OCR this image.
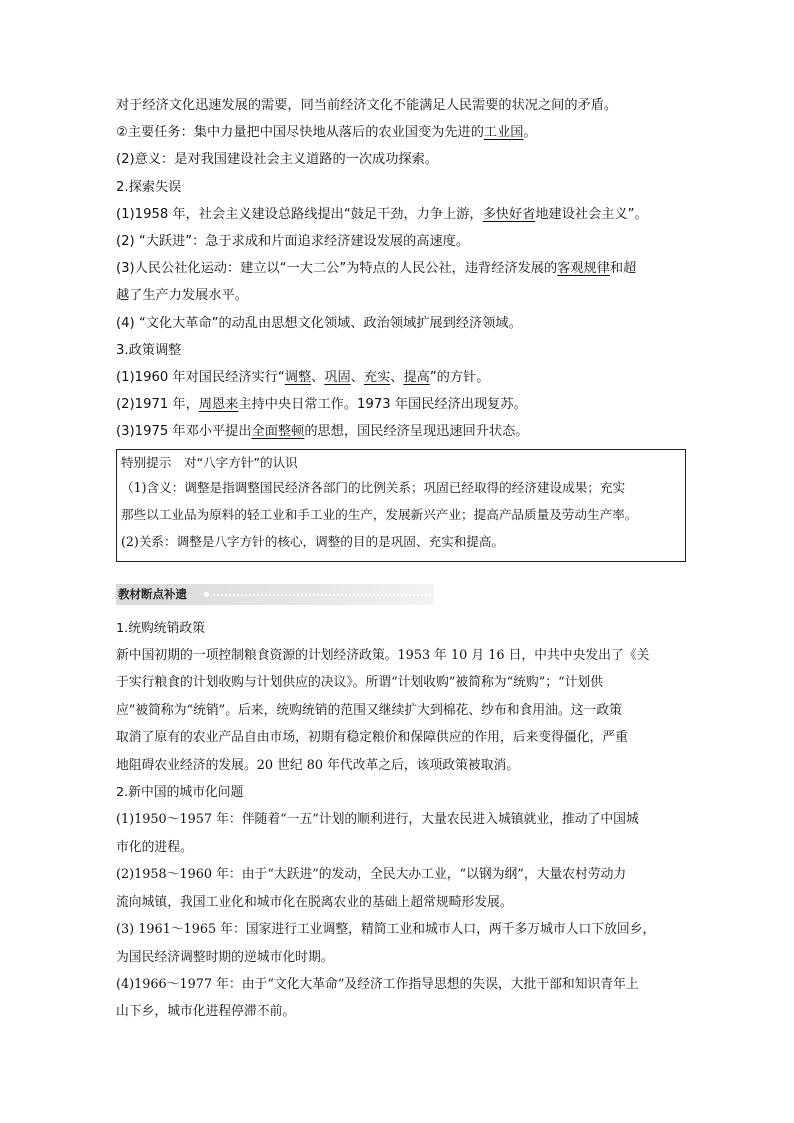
对于经济文化迅速发展的需要，同当前经济文化不能满足人民需要的状况之间的矛盾。

②主要任务：集中力量把中国尽快地从落后的农业国变为先进的工业国。

(2)意义：是对我国建设社会主义道路的一次成功探索。

2.探索失误

(1)1958 年，社会主义建设总路线提出“鼓足干劲，力争上游，多快好省地建设社会主义”。

(2) “大跃进”：急于求成和片面追求经济建设发展的高速度。

(3)人民公社化运动：建立以“一大二公”为特点的人民公社，违背经济发展的客观规律和超

越了生产力发展水平。

(4) “文化大革命”的动乱由思想文化领域、政治领域扩展到经济领域。

3.政策调整

(1)1960 年对国民经济实行“调整、巩固、充实、提高”的方针。

(2)1971 年，周恩来主持中央日常工作。1973 年国民经济出现复苏。

(3)1975 年邓小平提出全面整顿的思想，国民经济呈现迅速回升状态。

特别提示　对“八字方针”的认识

（1)含义：调整是指调整国民经济各部门的比例关系；巩固已经取得的经济建设成果；充实

那些以工业品为原料的轻工业和手工业的生产，发展新兴产业；提高产品质量及劳动生产率。

(2)关系：调整是八字方针的核心，调整的目的是巩固、充实和提高。

教材断点补遗

1.统购统销政策

新中国初期的一项控制粮食资源的计划经济政策。1953 年 10 月 16 日，中共中央发出了《关

于实行粮食的计划收购与计划供应的决议》。所谓“计划收购”被简称为“统购”；“计划供

应”被简称为“统销”。后来，统购统销的范围又继续扩大到棉花、纱布和食用油。这一政策

取消了原有的农业产品自由市场，初期有稳定粮价和保障供应的作用，后来变得僵化，严重

地阻碍农业经济的发展。20 世纪 80 年代改革之后，该项政策被取消。

2.新中国的城市化问题

(1)1950～1957 年：伴随着“一五”计划的顺利进行，大量农民进入城镇就业，推动了中国城

市化的进程。

(2)1958～1960 年：由于“大跃进”的发动，全民大办工业，“以钢为纲”，大量农村劳动力

流向城镇，我国工业化和城市化在脱离农业的基础上超常规畸形发展。

(3) 1961～1965 年：国家进行工业调整，精简工业和城市人口，两千多万城市人口下放回乡，

为国民经济调整时期的逆城市化时期。

(4)1966～1977 年：由于“文化大革命”及经济工作指导思想的失误，大批干部和知识青年上

山下乡，城市化进程停滞不前。
